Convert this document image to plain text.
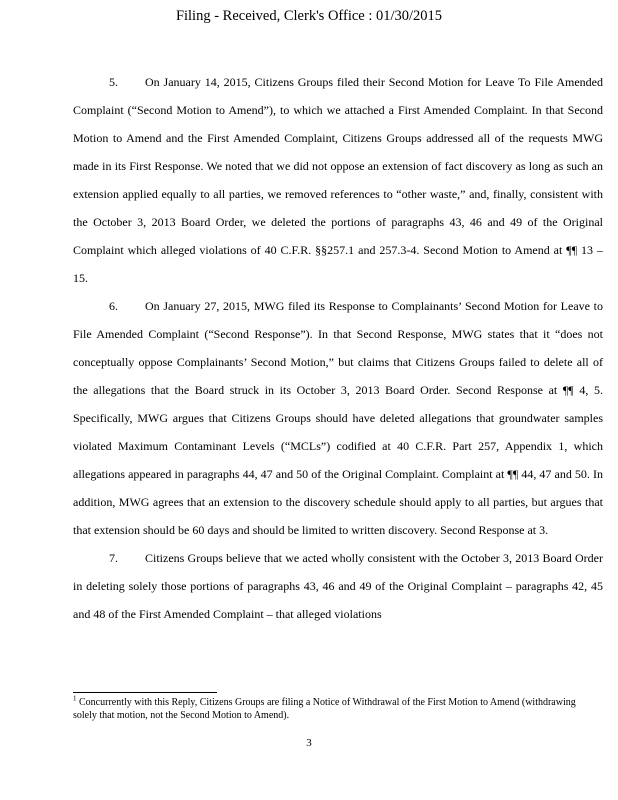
Filing - Received, Clerk's Office : 01/30/2015

5. On January 14, 2015, Citizens Groups filed their Second Motion for Leave To File Amended Complaint (“Second Motion to Amend”), to which we attached a First Amended Complaint. In that Second Motion to Amend and the First Amended Complaint, Citizens Groups addressed all of the requests MWG made in its First Response. We noted that we did not oppose an extension of fact discovery as long as such an extension applied equally to all parties, we removed references to “other waste,” and, finally, consistent with the October 3, 2013 Board Order, we deleted the portions of paragraphs 43, 46 and 49 of the Original Complaint which alleged violations of 40 C.F.R. §§257.1 and 257.3-4. Second Motion to Amend at ¶¶ 13 – 15.

6. On January 27, 2015, MWG filed its Response to Complainants’ Second Motion for Leave to File Amended Complaint (“Second Response”). In that Second Response, MWG states that it “does not conceptually oppose Complainants’ Second Motion,” but claims that Citizens Groups failed to delete all of the allegations that the Board struck in its October 3, 2013 Board Order. Second Response at ¶¶ 4, 5. Specifically, MWG argues that Citizens Groups should have deleted allegations that groundwater samples violated Maximum Contaminant Levels (“MCLs”) codified at 40 C.F.R. Part 257, Appendix 1, which allegations appeared in paragraphs 44, 47 and 50 of the Original Complaint. Complaint at ¶¶ 44, 47 and 50. In addition, MWG agrees that an extension to the discovery schedule should apply to all parties, but argues that that extension should be 60 days and should be limited to written discovery. Second Response at 3.

7. Citizens Groups believe that we acted wholly consistent with the October 3, 2013 Board Order in deleting solely those portions of paragraphs 43, 46 and 49 of the Original Complaint – paragraphs 42, 45 and 48 of the First Amended Complaint – that alleged violations

$^1$ Concurrently with this Reply, Citizens Groups are filing a Notice of Withdrawal of the First Motion to Amend (withdrawing solely that motion, not the Second Motion to Amend).
3
